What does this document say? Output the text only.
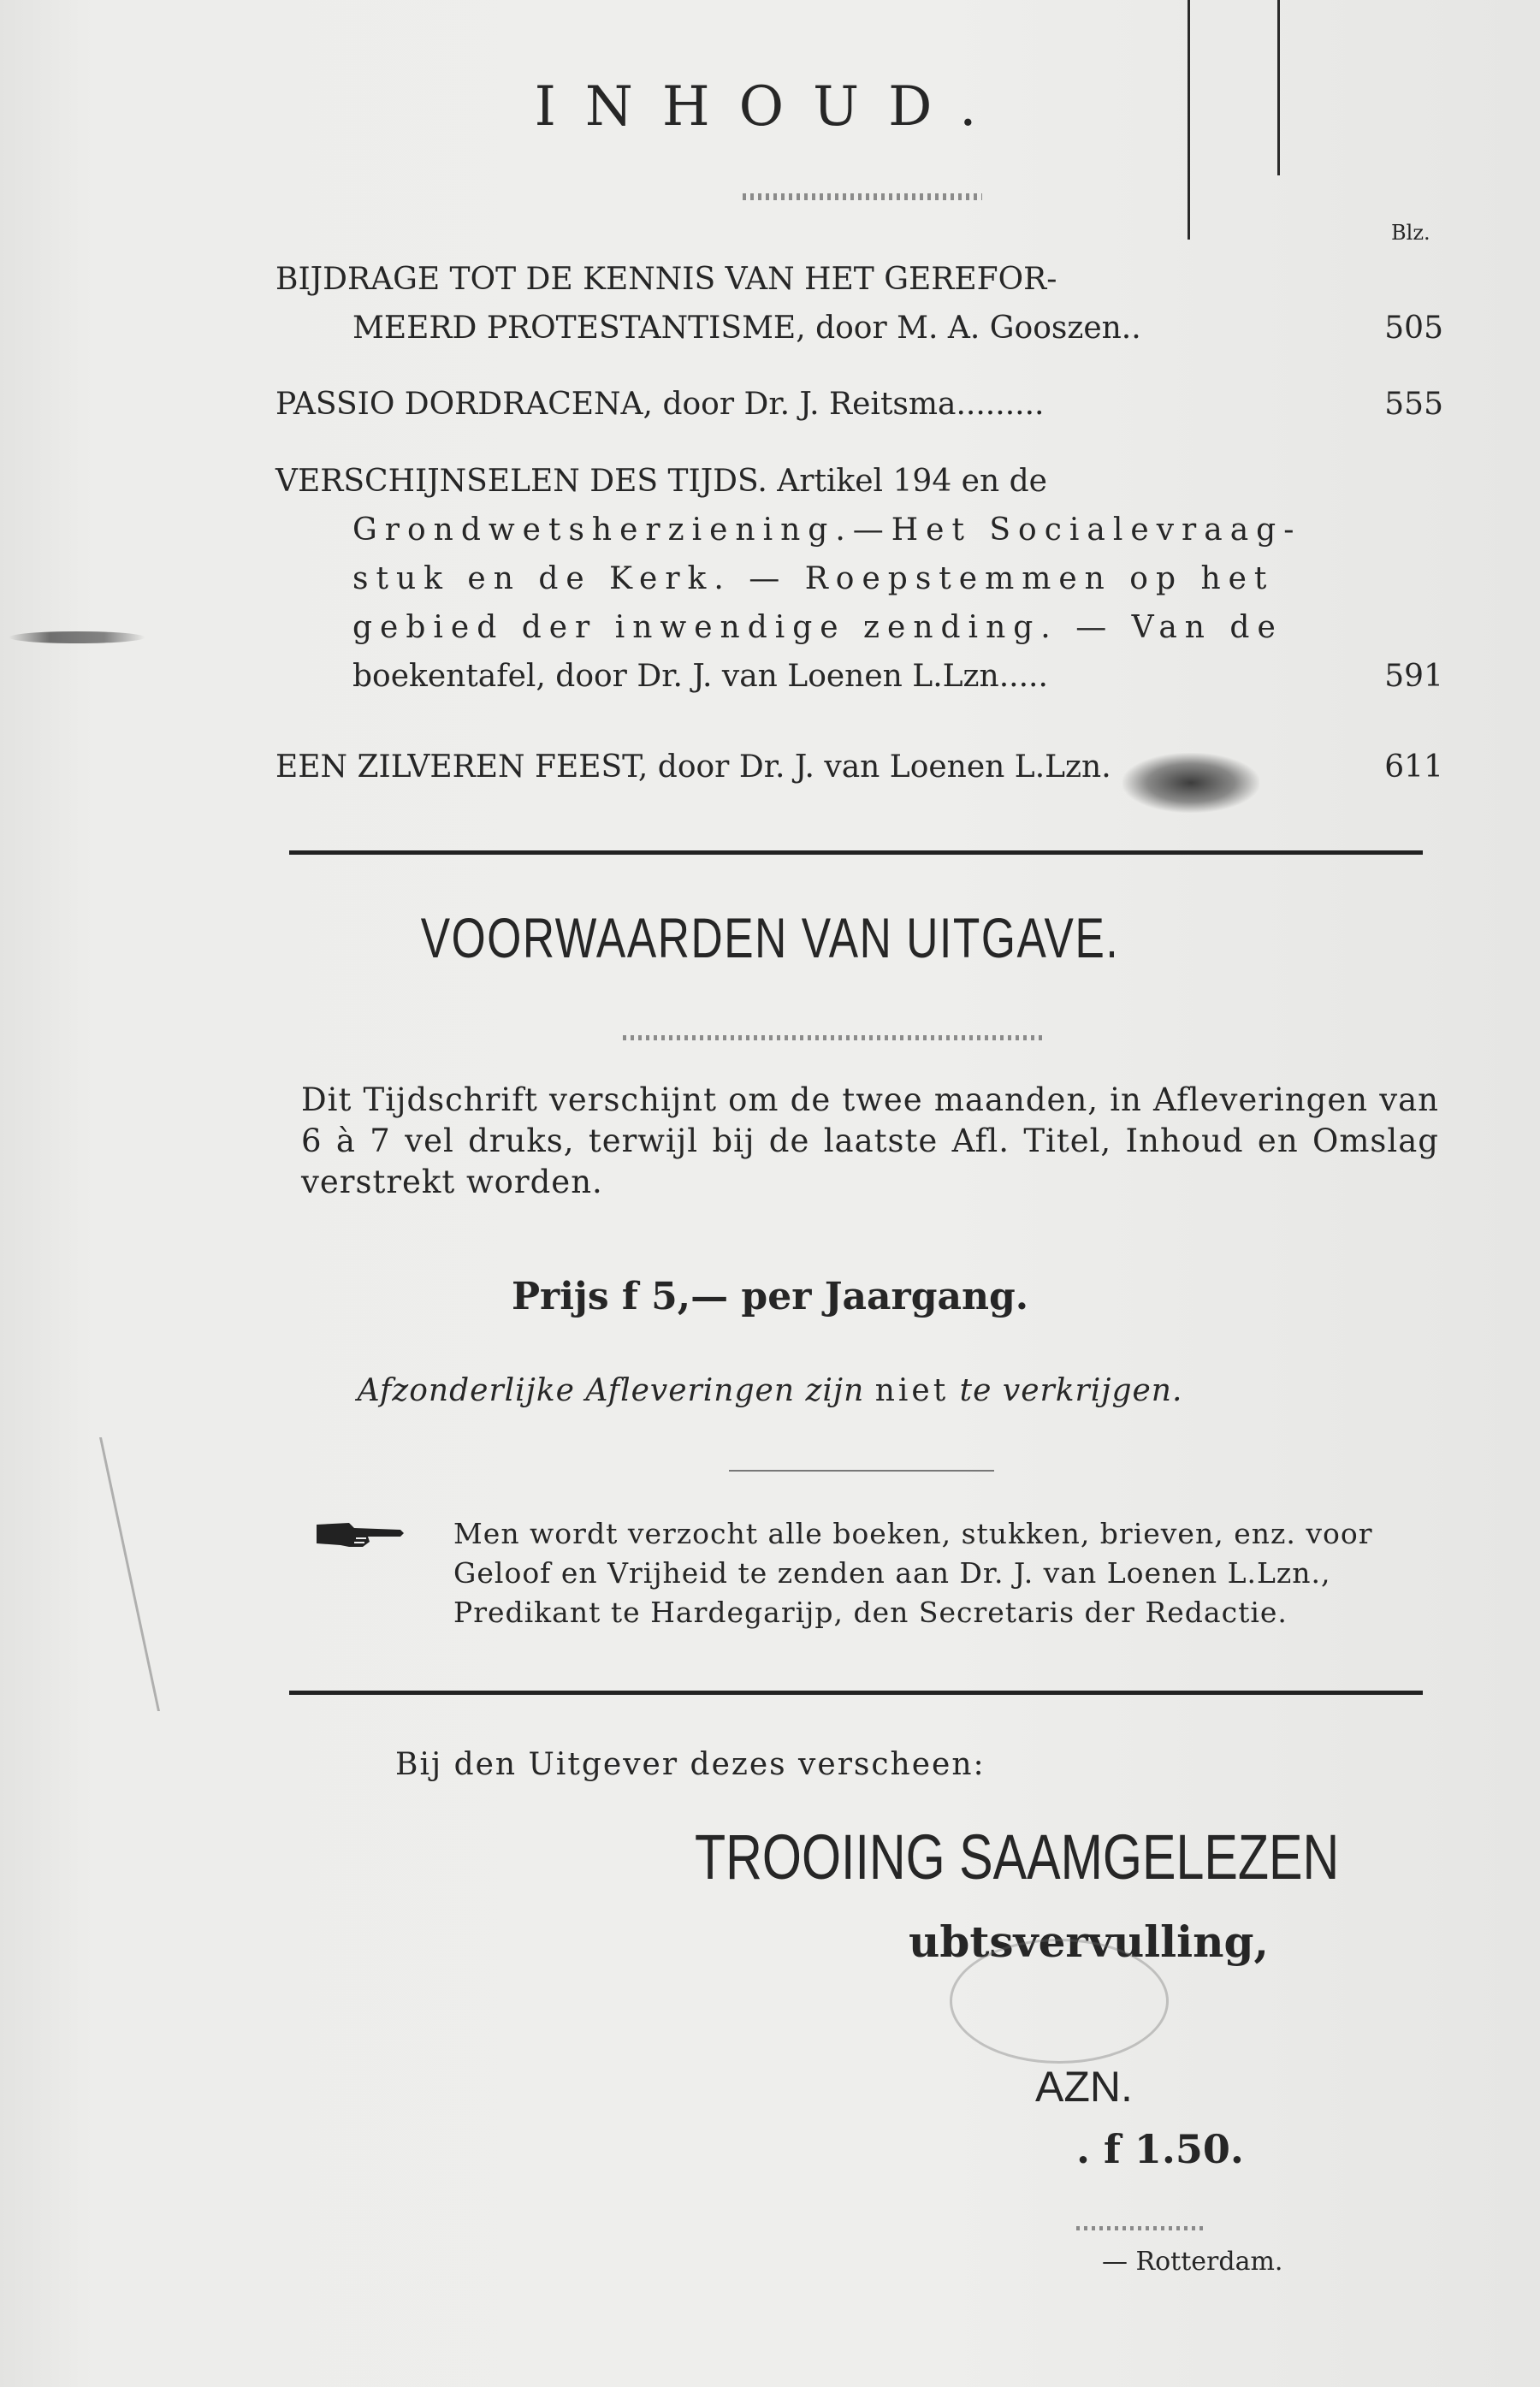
INHOUD.
Blz.
BIJDRAGE TOT DE KENNIS VAN HET GEREFOR-
MEERD PROTESTANTISME, door M. A. Gooszen..	505
PASSIO DORDRACENA, door Dr. J. Reitsma.........	555
VERSCHIJNSELEN DES TIJDS. Artikel 194 en de
Grondwetsherziening.—Het Socialevraag-
stuk en de Kerk. — Roepstemmen op het
gebied der inwendige zending. — Van de
boekentafel, door Dr. J. van Loenen L.Lzn.....	591
EEN ZILVEREN FEEST, door Dr. J. van Loenen L.Lzn.	611
VOORWAARDEN VAN UITGAVE.

Dit Tijdschrift verschijnt om de twee maanden, in Afleveringen van 6 à 7 vel druks, terwijl bij de laatste Afl. Titel, Inhoud en Omslag verstrekt worden.

Prijs f 5,— per Jaargang.
Afzonderlijke Afleveringen zijn niet te verkrijgen.
Men wordt verzocht alle boeken, stukken, brieven, enz. voor
Geloof en Vrijheid te zenden aan Dr. J. van Loenen L.Lzn.,
Predikant te Hardegarijp, den Secretaris der Redactie.
Bij den Uitgever dezes verscheen:
TROOIING SAAMGELEZEN
ubtsvervulling,
AZN.
. f 1.50.
— Rotterdam.
